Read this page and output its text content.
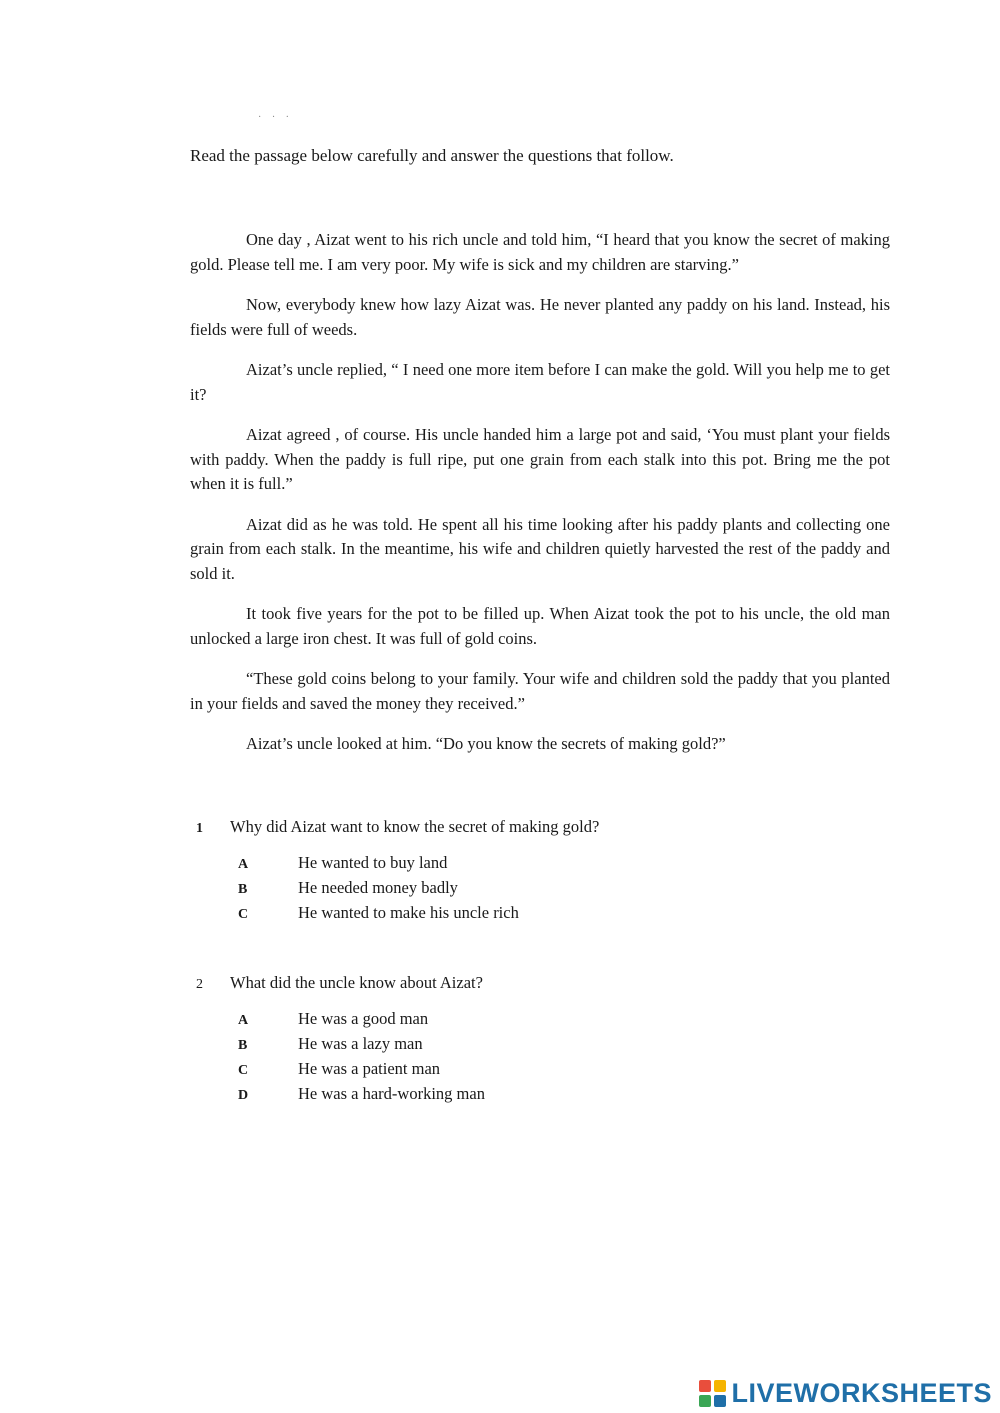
· · ·
Read the passage below carefully and answer the questions that follow.

One day , Aizat went to his rich uncle and told him, “I heard that you know the secret of making gold. Please tell me. I am very poor. My wife is sick and my children are starving.”

Now, everybody knew how lazy Aizat was. He never planted any paddy on his land. Instead, his fields were full of weeds.

Aizat’s uncle replied, “ I need one more item before I can make the gold. Will you help me to get it?

Aizat agreed , of course. His uncle handed him a large pot and said, ‘You must plant your fields with paddy. When the paddy is full ripe, put one grain from each stalk into this pot. Bring me the pot when it is full.”

Aizat did as he was told. He spent all his time looking after his paddy plants and collecting one grain from each stalk. In the meantime, his wife and children quietly harvested the rest of the paddy and sold it.

It took five years for the pot to be filled up. When Aizat took the pot to his uncle, the old man unlocked a large iron chest. It was full of gold coins.

“These gold coins belong to your family. Your wife and children sold the paddy that you planted in your fields and saved the money they received.”

Aizat’s uncle looked at him. “Do you know the secrets of making gold?”

1	Why did Aizat want to know the secret of making gold?
A	He wanted to buy land
B	He needed money badly
C	He wanted to make his uncle rich
2	What did the uncle know about Aizat?
A	He was a good man
B	He was a lazy man
C	He was a patient man
D	He was a hard-working man
LIVEWORKSHEETS
